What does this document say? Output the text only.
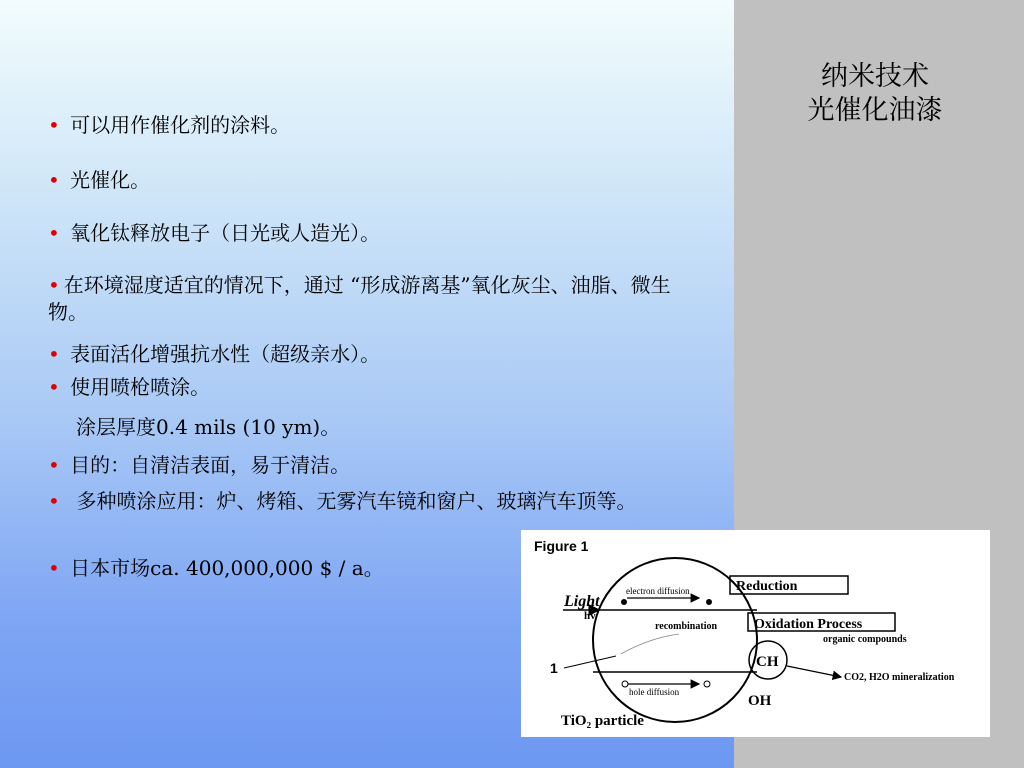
纳米技术
光催化油漆
• 可以用作催化剂的涂料。
• 光催化。
• 氧化钛释放电子（日光或人造光）。
• 在环境湿度适宜的情况下，通过 “形成游离基”氧化灰尘、油脂、微生物。
• 表面活化增强抗水性（超级亲水）。
• 使用喷枪喷涂。
涂层厚度0.4 mils (10 ym)。
• 目的：自清洁表面，易于清洁。
•  多种喷涂应用：炉、烤箱、无雾汽车镜和窗户、玻璃汽车顶等。
• 日本市场ca. 400,000,000 $ / a。
Figure 1
Light
hv
electron diffusion
recombination
hole diffusion
1
TiO₂ particle
Reduction
Oxidation Process
organic compounds
CH
CO2, H2O mineralization
OH
